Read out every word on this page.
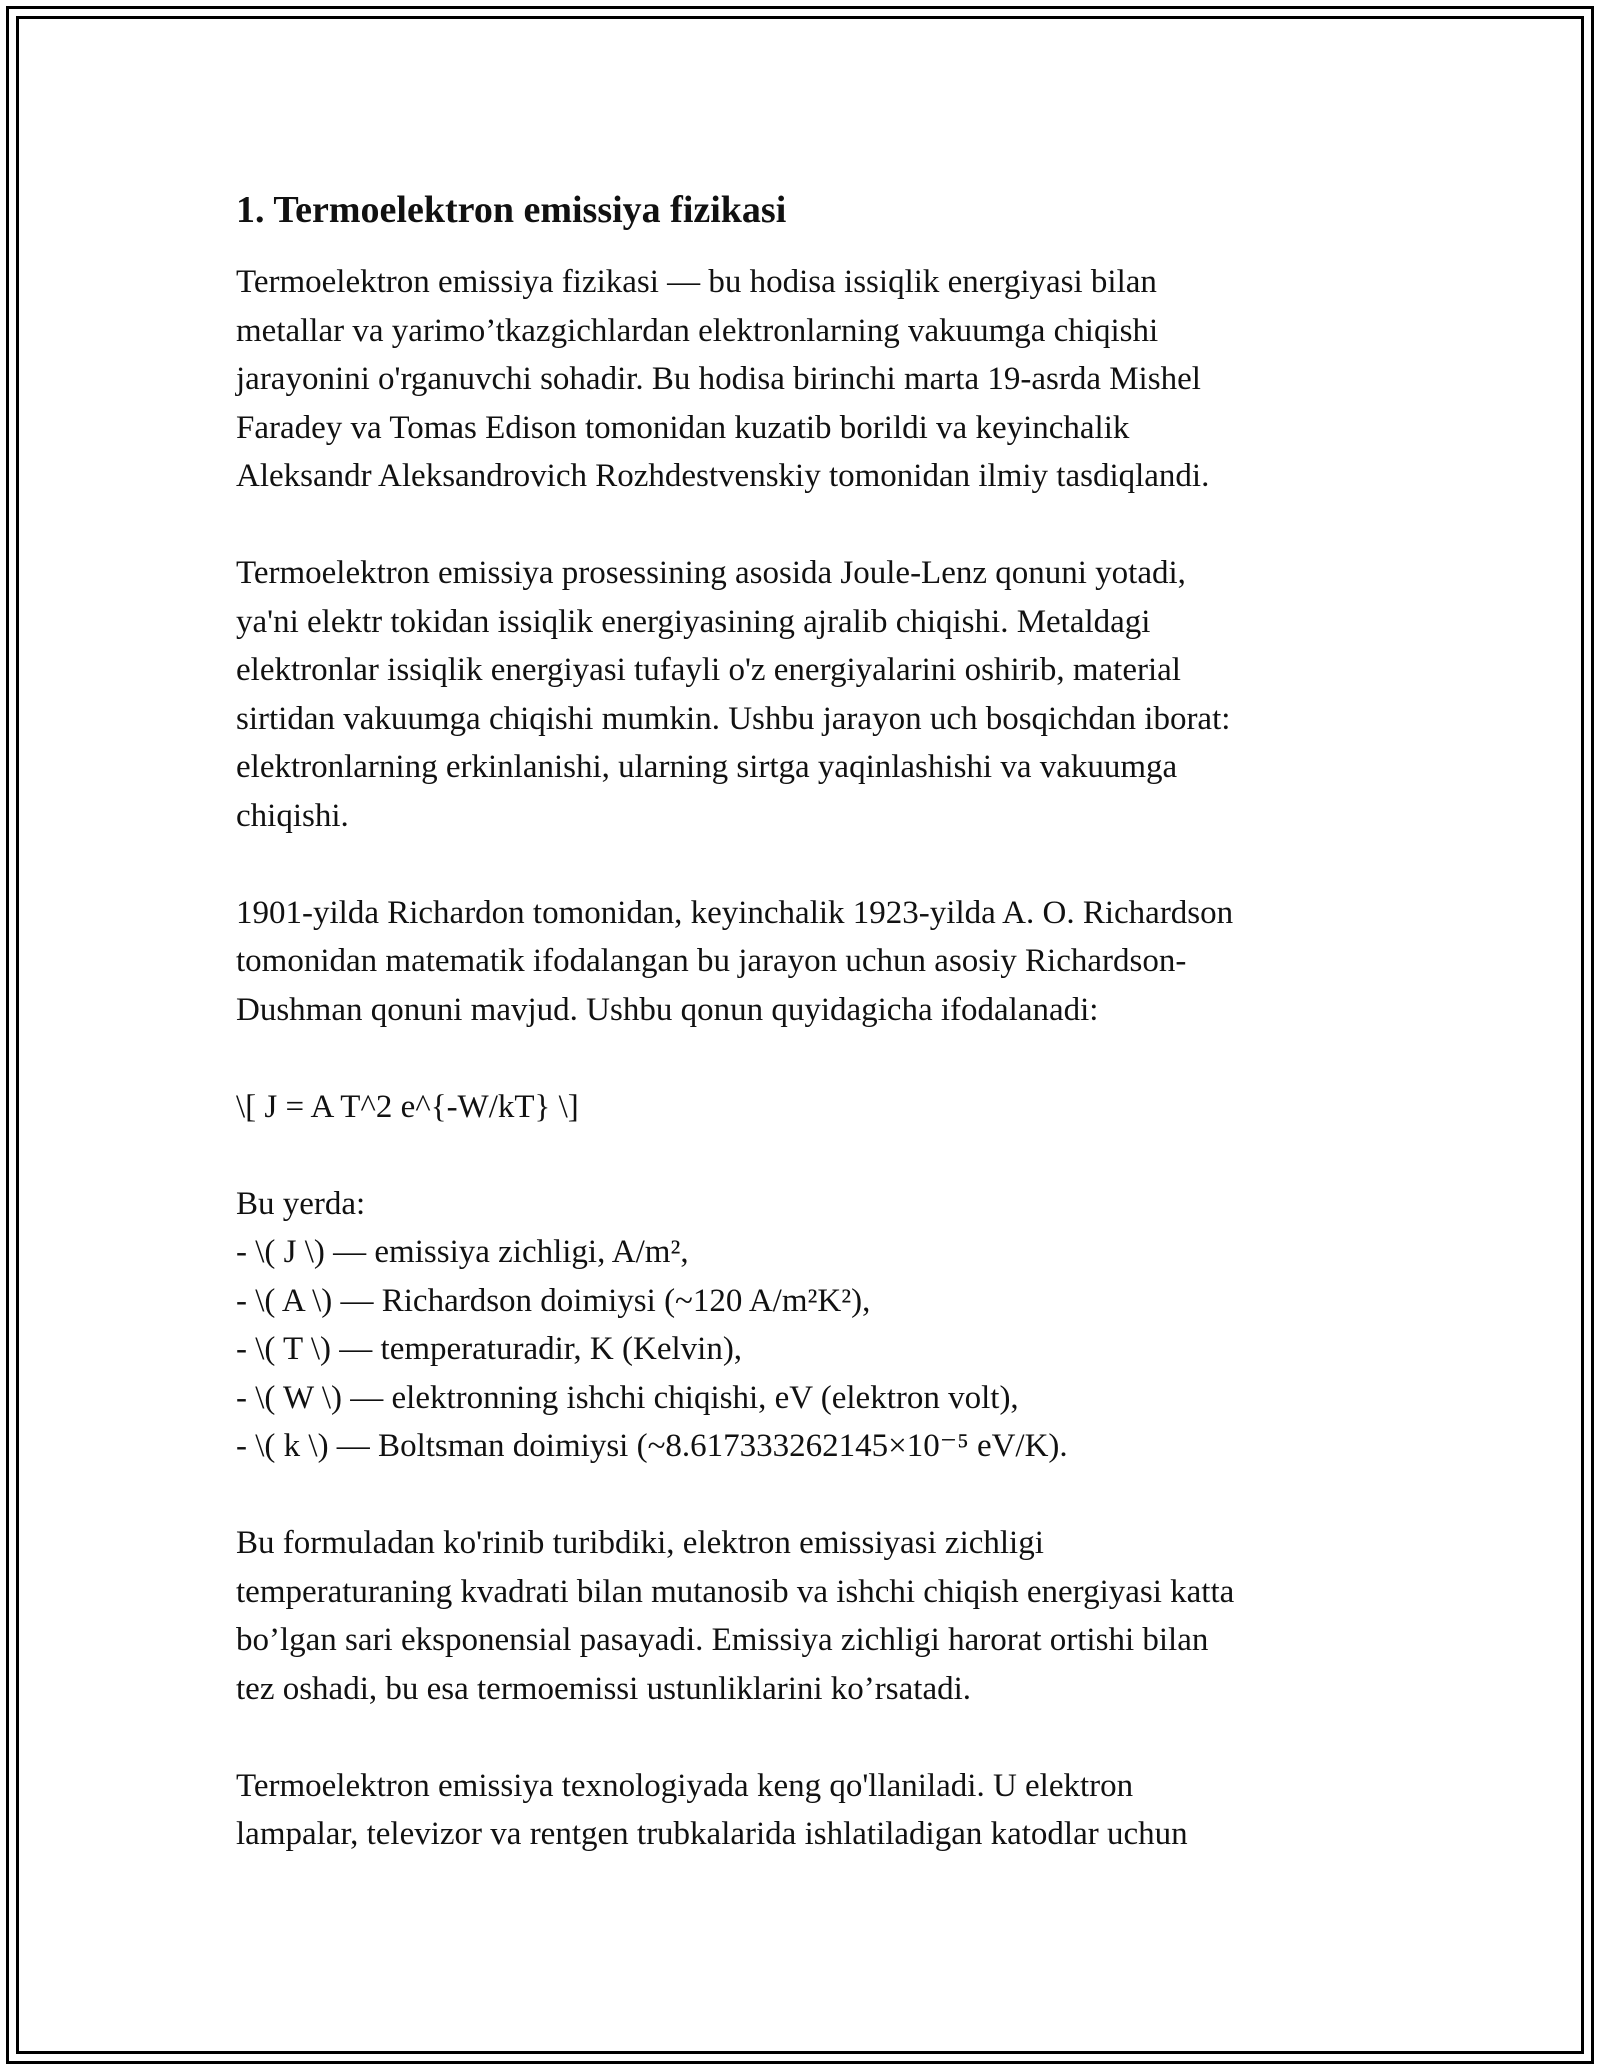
1. Termoelektron emissiya fizikasi

Termoelektron emissiya fizikasi — bu hodisa issiqlik energiyasi bilan
metallar va yarimo’tkazgichlardan elektronlarning vakuumga chiqishi
jarayonini o'rganuvchi sohadir. Bu hodisa birinchi marta 19-asrda Mishel
Faradey va Tomas Edison tomonidan kuzatib borildi va keyinchalik
Aleksandr Aleksandrovich Rozhdestvenskiy tomonidan ilmiy tasdiqlandi.

Termoelektron emissiya prosessining asosida Joule-Lenz qonuni yotadi,
ya'ni elektr tokidan issiqlik energiyasining ajralib chiqishi. Metaldagi
elektronlar issiqlik energiyasi tufayli o'z energiyalarini oshirib, material
sirtidan vakuumga chiqishi mumkin. Ushbu jarayon uch bosqichdan iborat:
elektronlarning erkinlanishi, ularning sirtga yaqinlashishi va vakuumga
chiqishi.

1901-yilda Richardon tomonidan, keyinchalik 1923-yilda A. O. Richardson
tomonidan matematik ifodalangan bu jarayon uchun asosiy Richardson-
Dushman qonuni mavjud. Ushbu qonun quyidagicha ifodalanadi:

\[ J = A T^2 e^{-W/kT} \]

Bu yerda:
- \( J \) — emissiya zichligi, A/m²,
- \( A \) — Richardson doimiysi (~120 A/m²K²),
- \( T \) — temperaturadir, K (Kelvin),
- \( W \) — elektronning ishchi chiqishi, eV (elektron volt),
- \( k \) — Boltsman doimiysi (~8.617333262145×10⁻⁵ eV/K).

Bu formuladan ko'rinib turibdiki, elektron emissiyasi zichligi
temperaturaning kvadrati bilan mutanosib va ishchi chiqish energiyasi katta
bo’lgan sari eksponensial pasayadi. Emissiya zichligi harorat ortishi bilan
tez oshadi, bu esa termoemissi ustunliklarini ko’rsatadi.

Termoelektron emissiya texnologiyada keng qo'llaniladi. U elektron
lampalar, televizor va rentgen trubkalarida ishlatiladigan katodlar uchun
